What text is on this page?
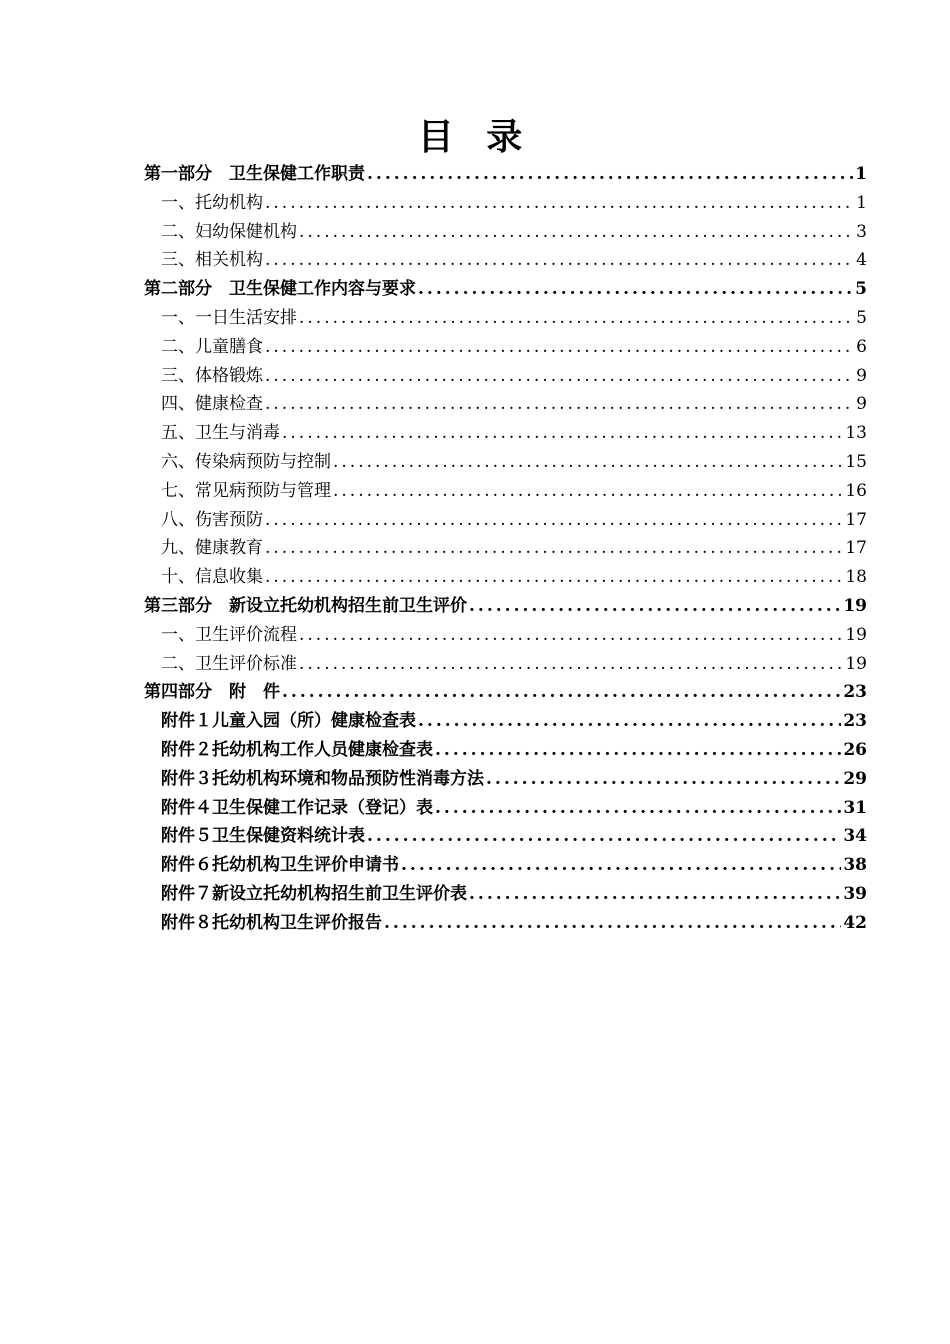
目 录
第一部分　卫生保健工作职责 .....	1
一、托幼机构 .....	1
二、妇幼保健机构 .....	3
三、相关机构 .....	4
第二部分　卫生保健工作内容与要求 .....	5
一、一日生活安排 .....	5
二、儿童膳食 .....	6
三、体格锻炼 .....	9
四、健康检查 .....	9
五、卫生与消毒 .....	13
六、传染病预防与控制 .....	15
七、常见病预防与管理 .....	16
八、伤害预防 .....	17
九、健康教育 .....	17
十、信息收集 .....	18
第三部分　新设立托幼机构招生前卫生评价 .....	19
一、卫生评价流程 .....	19
二、卫生评价标准 .....	19
第四部分　附　件 .....	23
附件１儿童入园（所）健康检查表 .....	23
附件２托幼机构工作人员健康检查表 .....	26
附件３托幼机构环境和物品预防性消毒方法 .....	29
附件４卫生保健工作记录（登记）表 .....	31
附件５卫生保健资料统计表 .....	34
附件６托幼机构卫生评价申请书 .....	38
附件７新设立托幼机构招生前卫生评价表 .....	39
附件８托幼机构卫生评价报告 .....	42
